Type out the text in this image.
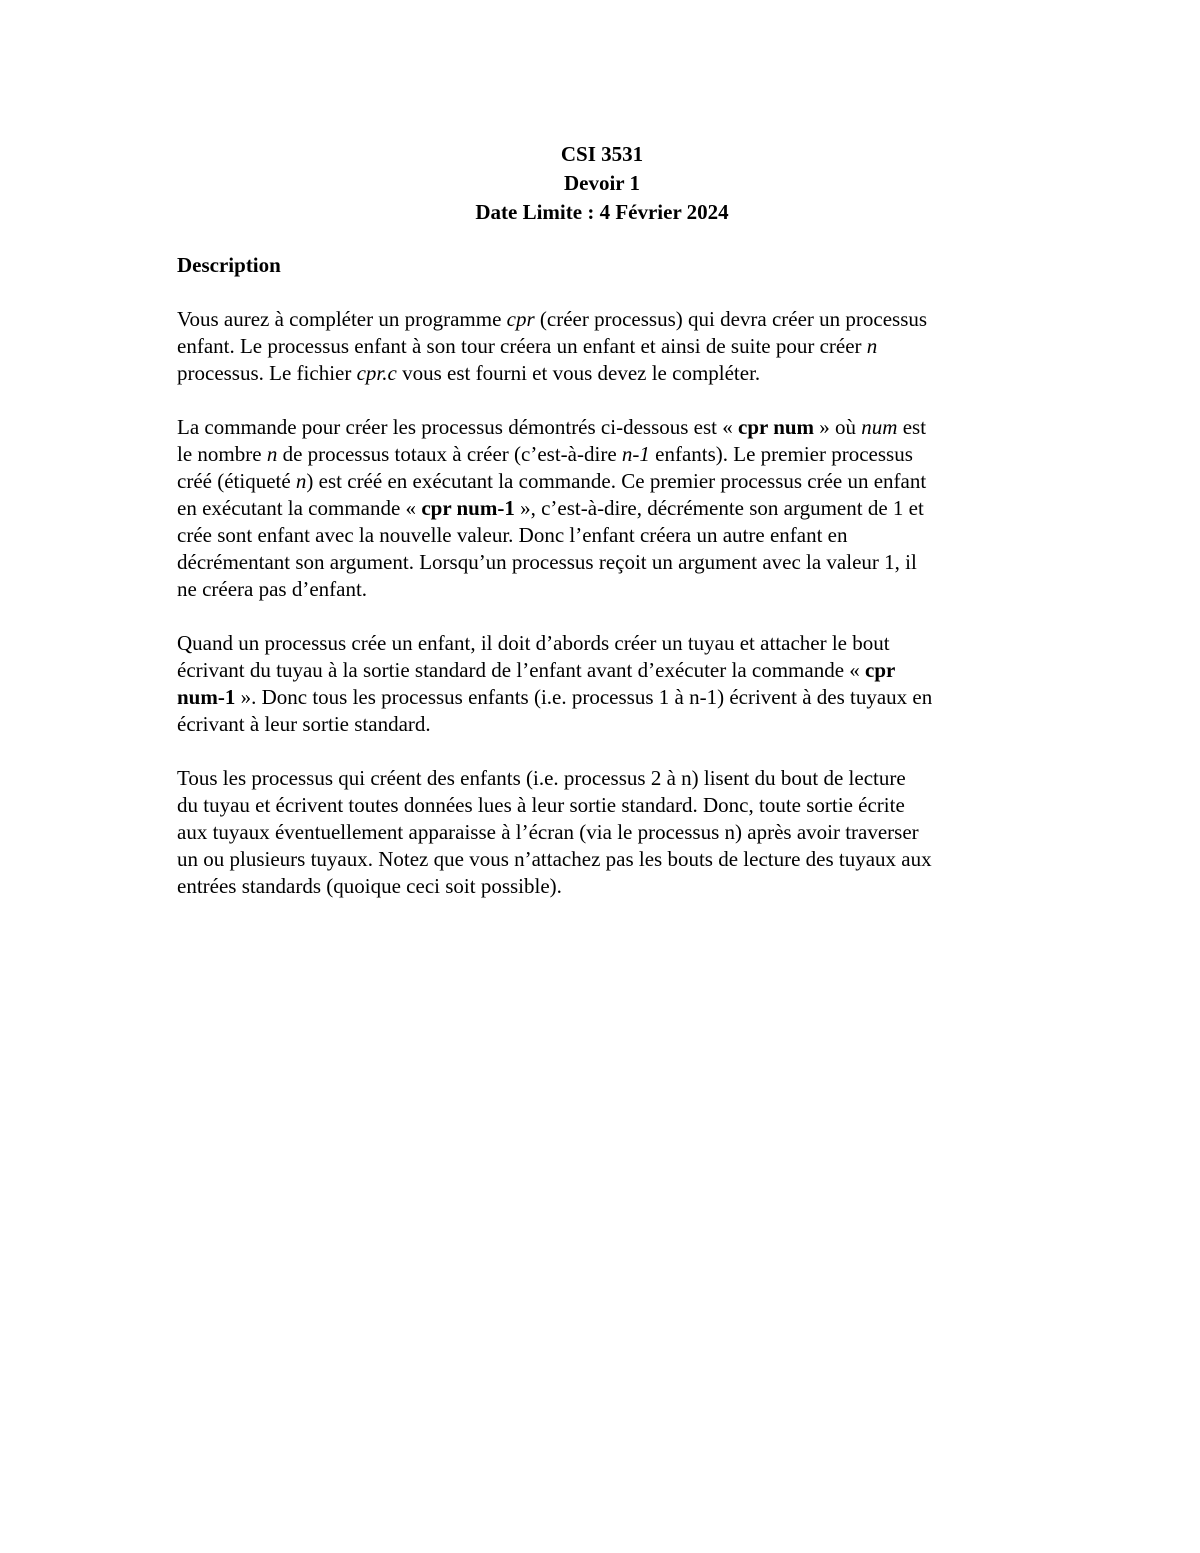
CSI 3531
Devoir 1
Date Limite : 4 Février 2024
Description
Vous aurez à compléter un programme cpr (créer processus) qui devra créer un processus
enfant. Le processus enfant à son tour créera un enfant et ainsi de suite pour créer n
processus. Le fichier cpr.c vous est fourni et vous devez le compléter.
La commande pour créer les processus démontrés ci-dessous est « cpr num » où num est
le nombre n de processus totaux à créer (c’est-à-dire n-1 enfants). Le premier processus
créé (étiqueté n) est créé en exécutant la commande. Ce premier processus crée un enfant
en exécutant la commande « cpr num-1 », c’est-à-dire, décrémente son argument de 1 et
crée sont enfant avec la nouvelle valeur. Donc l’enfant créera un autre enfant en
décrémentant son argument. Lorsqu’un processus reçoit un argument avec la valeur 1, il
ne créera pas d’enfant.
Quand un processus crée un enfant, il doit d’abords créer un tuyau et attacher le bout
écrivant du tuyau à la sortie standard de l’enfant avant d’exécuter la commande « cpr
num-1 ». Donc tous les processus enfants (i.e. processus 1 à n-1) écrivent à des tuyaux en
écrivant à leur sortie standard.
Tous les processus qui créent des enfants (i.e. processus 2 à n) lisent du bout de lecture
du tuyau et écrivent toutes données lues à leur sortie standard. Donc, toute sortie écrite
aux tuyaux éventuellement apparaisse à l’écran (via le processus n) après avoir traverser
un ou plusieurs tuyaux. Notez que vous n’attachez pas les bouts de lecture des tuyaux aux
entrées standards (quoique ceci soit possible).
